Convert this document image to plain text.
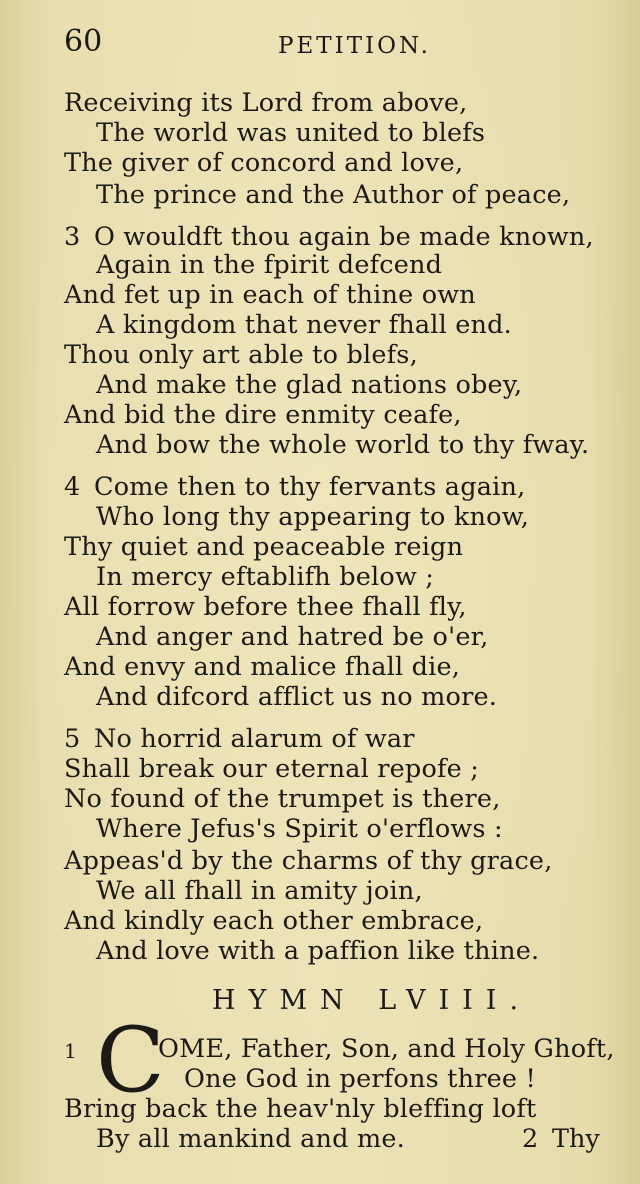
60	PETITION.
Receiving its Lord from above,
The world was united to blefs
The giver of concord and love,
The prince and the Author of peace,
3 O wouldft thou again be made known,
Again in the fpirit defcend
And fet up in each of thine own
A kingdom that never fhall end.
Thou only art able to blefs,
And make the glad nations obey,
And bid the dire enmity ceafe,
And bow the whole world to thy fway.
4 Come then to thy fervants again,
Who long thy appearing to know,
Thy quiet and peaceable reign
In mercy eftablifh below ;
All forrow before thee fhall fly,
And anger and hatred be o'er,
And envy and malice fhall die,
And difcord afflict us no more.
5 No horrid alarum of war
Shall break our eternal repofe ;
No found of the trumpet is there,
Where Jefus's Spirit o'erflows :
Appeas'd by the charms of thy grace,
We all fhall in amity join,
And kindly each other embrace,
And love with a paffion like thine.
HYMN LVIII.
1 C
OME, Father, Son, and Holy Ghoft,
One God in perfons three !
Bring back the heav'nly bleffing loft
By all mankind and me.	2 Thy
